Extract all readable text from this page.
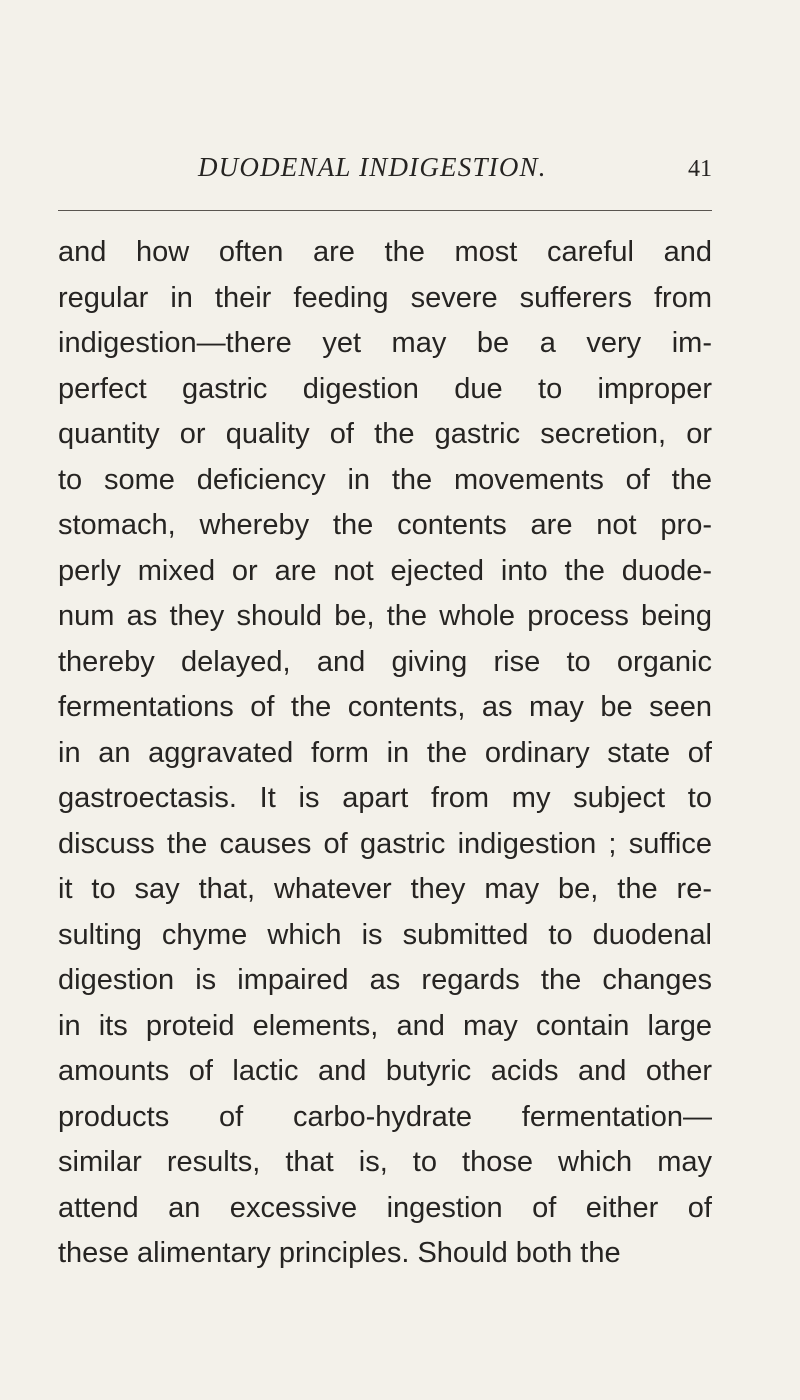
DUODENAL INDIGESTION.	41
and how often are the most careful and
regular in their feeding severe sufferers from
indigestion—there yet may be a very im-
perfect gastric digestion due to improper
quantity or quality of the gastric secretion, or
to some deficiency in the movements of the
stomach, whereby the contents are not pro-
perly mixed or are not ejected into the duode-
num as they should be, the whole process being
thereby delayed, and giving rise to organic
fermentations of the contents, as may be seen
in an aggravated form in the ordinary state of
gastroectasis. It is apart from my subject to
discuss the causes of gastric indigestion ; suffice
it to say that, whatever they may be, the re-
sulting chyme which is submitted to duodenal
digestion is impaired as regards the changes
in its proteid elements, and may contain large
amounts of lactic and butyric acids and other
products of carbo-hydrate fermentation—
similar results, that is, to those which may
attend an excessive ingestion of either of
these alimentary principles. Should both the
